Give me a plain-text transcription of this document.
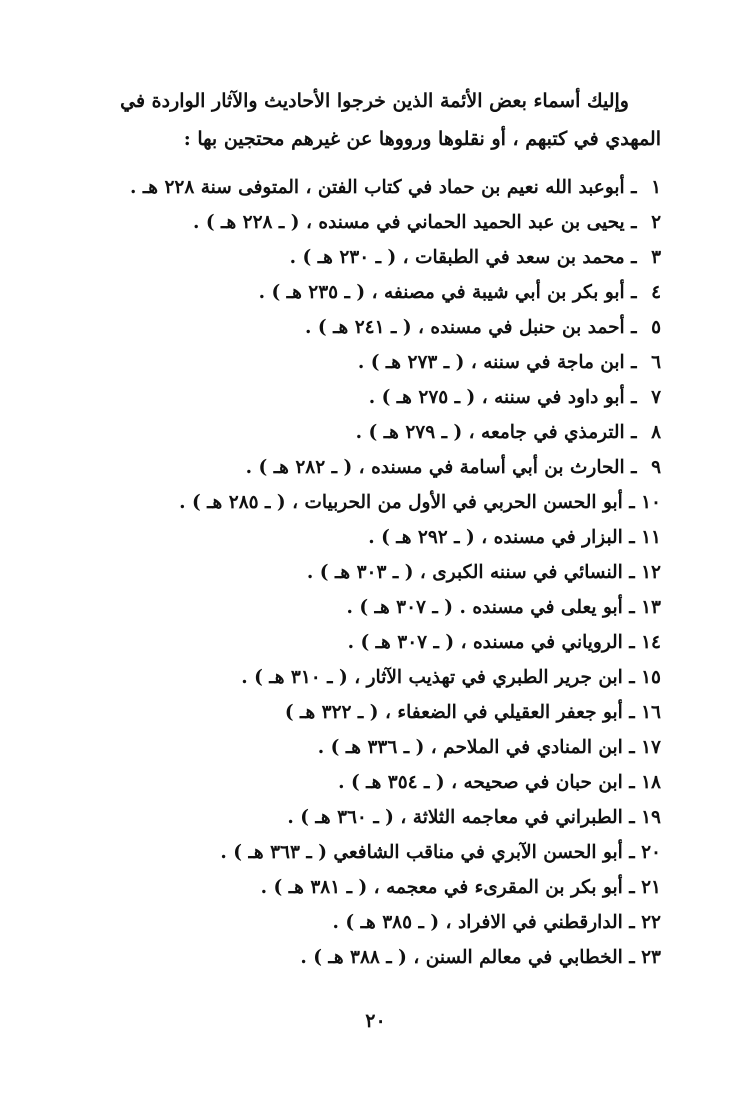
وإليك أسماء بعض الأئمة الذين خرجوا الأحاديث والآثار الواردة في
المهدي في كتبهم ، أو نقلوها ورووها عن غيرهم محتجين بها :

١ ـ أبوعبد الله نعيم بن حماد في كتاب الفتن ، المتوفى سنة ٢٢٨ هـ .
٢ ـ يحيى بن عبد الحميد الحماني في مسنده ، ( ـ ٢٢٨ هـ ) .
٣ ـ محمد بن سعد في الطبقات ، ( ـ ٢٣٠ هـ ) .
٤ ـ أبو بكر بن أبي شيبة في مصنفه ، ( ـ ٢٣٥ هـ ) .
٥ ـ أحمد بن حنبل في مسنده ، ( ـ ٢٤١ هـ ) .
٦ ـ ابن ماجة في سننه ، ( ـ ٢٧٣ هـ ) .
٧ ـ أبو داود في سننه ، ( ـ ٢٧٥ هـ ) .
٨ ـ الترمذي في جامعه ، ( ـ ٢٧٩ هـ ) .
٩ ـ الحارث بن أبي أسامة في مسنده ، ( ـ ٢٨٢ هـ ) .
١٠ ـ أبو الحسن الحربي في الأول من الحربيات ، ( ـ ٢٨٥ هـ ) .
١١ ـ البزار في مسنده ، ( ـ ٢٩٢ هـ ) .
١٢ ـ النسائي في سننه الكبرى ، ( ـ ٣٠٣ هـ ) .
١٣ ـ أبو يعلى في مسنده . ( ـ ٣٠٧ هـ ) .
١٤ ـ الروياني في مسنده ، ( ـ ٣٠٧ هـ ) .
١٥ ـ ابن جرير الطبري في تهذيب الآثار ، ( ـ ٣١٠ هـ ) .
١٦ ـ أبو جعفر العقيلي في الضعفاء ، ( ـ ٣٢٢ هـ )
١٧ ـ ابن المنادي في الملاحم ، ( ـ ٣٣٦ هـ ) .
١٨ ـ ابن حبان في صحيحه ، ( ـ ٣٥٤ هـ ) .
١٩ ـ الطبراني في معاجمه الثلاثة ، ( ـ ٣٦٠ هـ ) .
٢٠ ـ أبو الحسن الآبري في مناقب الشافعي ( ـ ٣٦٣ هـ ) .
٢١ ـ أبو بكر بن المقرىء في معجمه ، ( ـ ٣٨١ هـ ) .
٢٢ ـ الدارقطني في الافراد ، ( ـ ٣٨٥ هـ ) .
٢٣ ـ الخطابي في معالم السنن ، ( ـ ٣٨٨ هـ ) .
٢٠
